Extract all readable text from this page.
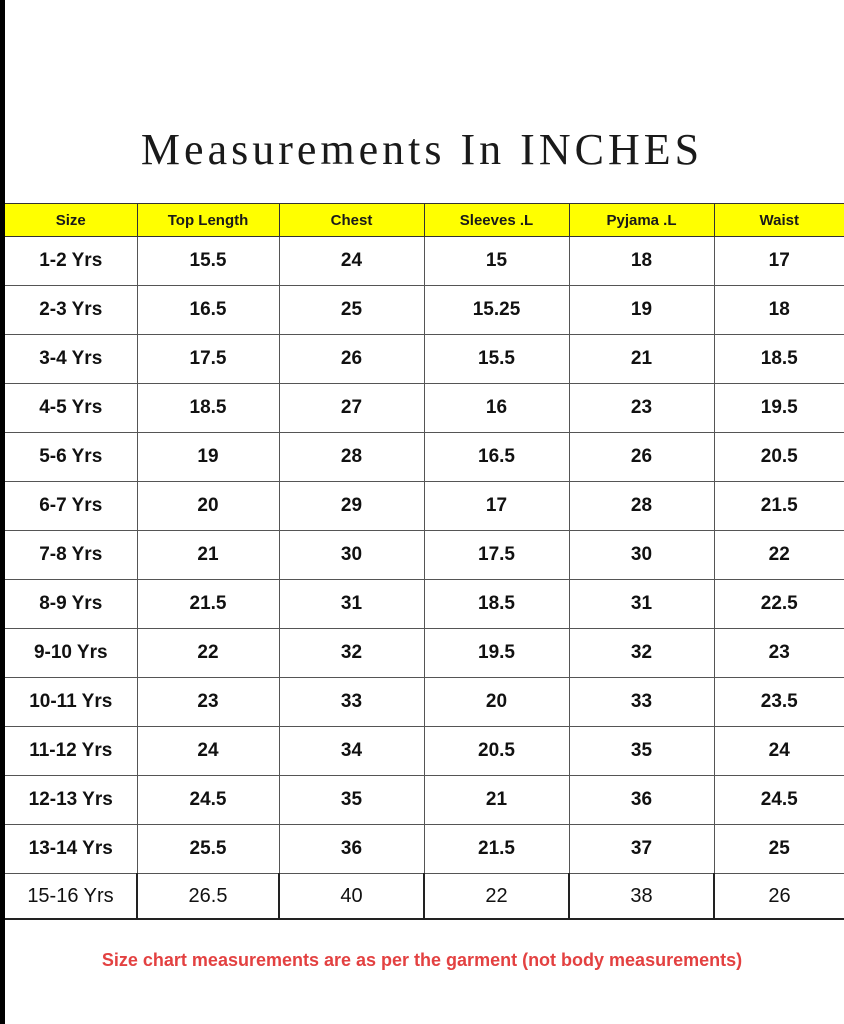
Measurements In INCHES
Size	Top Length	Chest	Sleeves .L	Pyjama .L	Waist
1-2 Yrs	15.5	24	15	18	17
2-3 Yrs	16.5	25	15.25	19	18
3-4 Yrs	17.5	26	15.5	21	18.5
4-5 Yrs	18.5	27	16	23	19.5
5-6 Yrs	19	28	16.5	26	20.5
6-7 Yrs	20	29	17	28	21.5
7-8 Yrs	21	30	17.5	30	22
8-9 Yrs	21.5	31	18.5	31	22.5
9-10 Yrs	22	32	19.5	32	23
10-11 Yrs	23	33	20	33	23.5
11-12 Yrs	24	34	20.5	35	24
12-13 Yrs	24.5	35	21	36	24.5
13-14 Yrs	25.5	36	21.5	37	25
15-16 Yrs	26.5	40	22	38	26
Size chart measurements are as per the garment (not body measurements)
